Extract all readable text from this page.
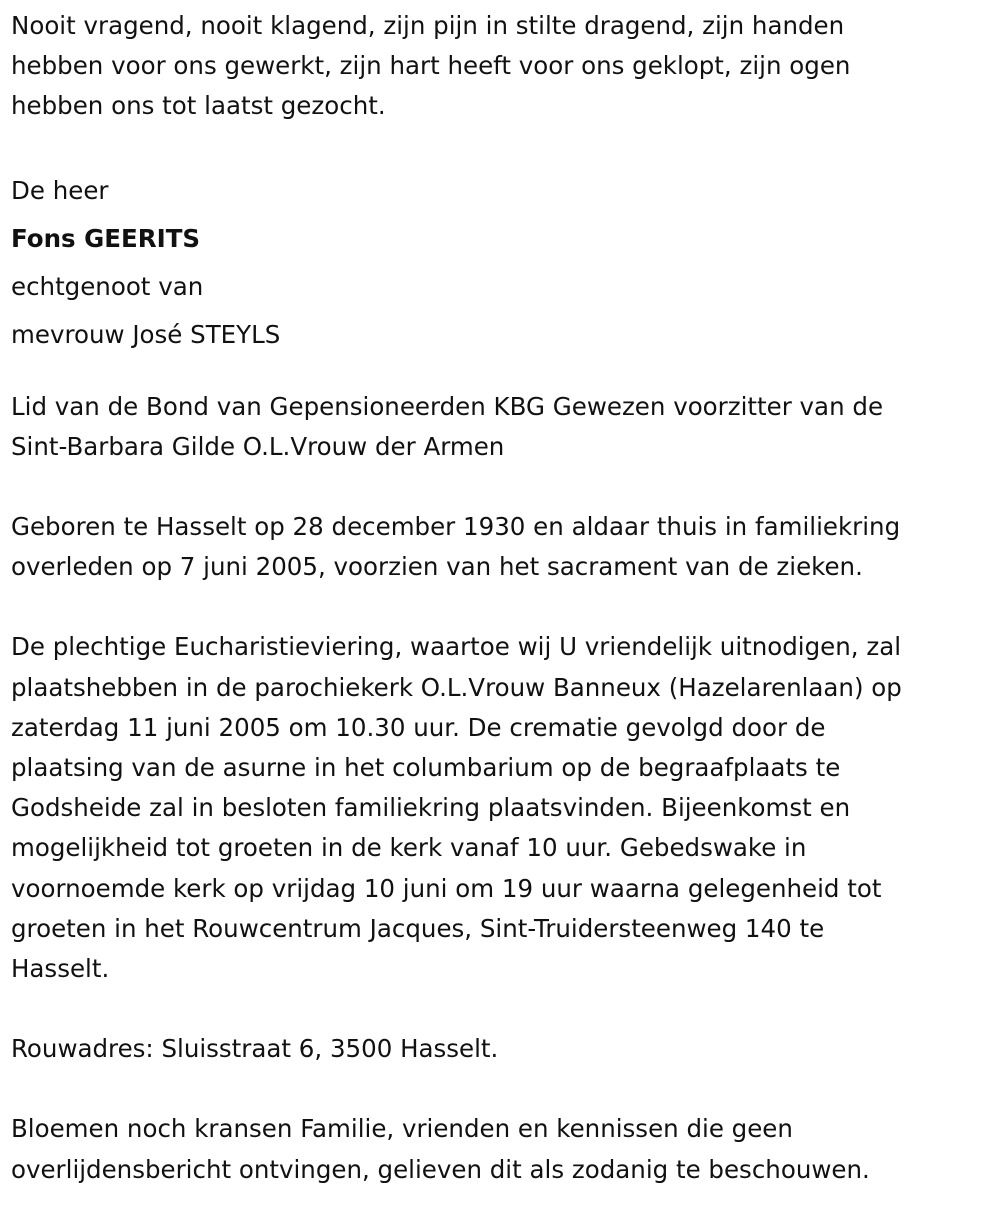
Nooit vragend, nooit klagend, zijn pijn in stilte dragend, zijn handen
hebben voor ons gewerkt, zijn hart heeft voor ons geklopt, zijn ogen
hebben ons tot laatst gezocht.

De heer

Fons GEERITS

echtgenoot van

mevrouw José STEYLS

Lid van de Bond van Gepensioneerden KBG Gewezen voorzitter van de
Sint-Barbara Gilde O.L.Vrouw der Armen

Geboren te Hasselt op 28 december 1930 en aldaar thuis in familiekring
overleden op 7 juni 2005, voorzien van het sacrament van de zieken.

De plechtige Eucharistieviering, waartoe wij U vriendelijk uitnodigen, zal
plaatshebben in de parochiekerk O.L.Vrouw Banneux (Hazelarenlaan) op
zaterdag 11 juni 2005 om 10.30 uur. De crematie gevolgd door de
plaatsing van de asurne in het columbarium op de begraafplaats te
Godsheide zal in besloten familiekring plaatsvinden. Bijeenkomst en
mogelijkheid tot groeten in de kerk vanaf 10 uur. Gebedswake in
voornoemde kerk op vrijdag 10 juni om 19 uur waarna gelegenheid tot
groeten in het Rouwcentrum Jacques, Sint-Truidersteenweg 140 te
Hasselt.

Rouwadres: Sluisstraat 6, 3500 Hasselt.

Bloemen noch kransen Familie, vrienden en kennissen die geen
overlijdensbericht ontvingen, gelieven dit als zodanig te beschouwen.
